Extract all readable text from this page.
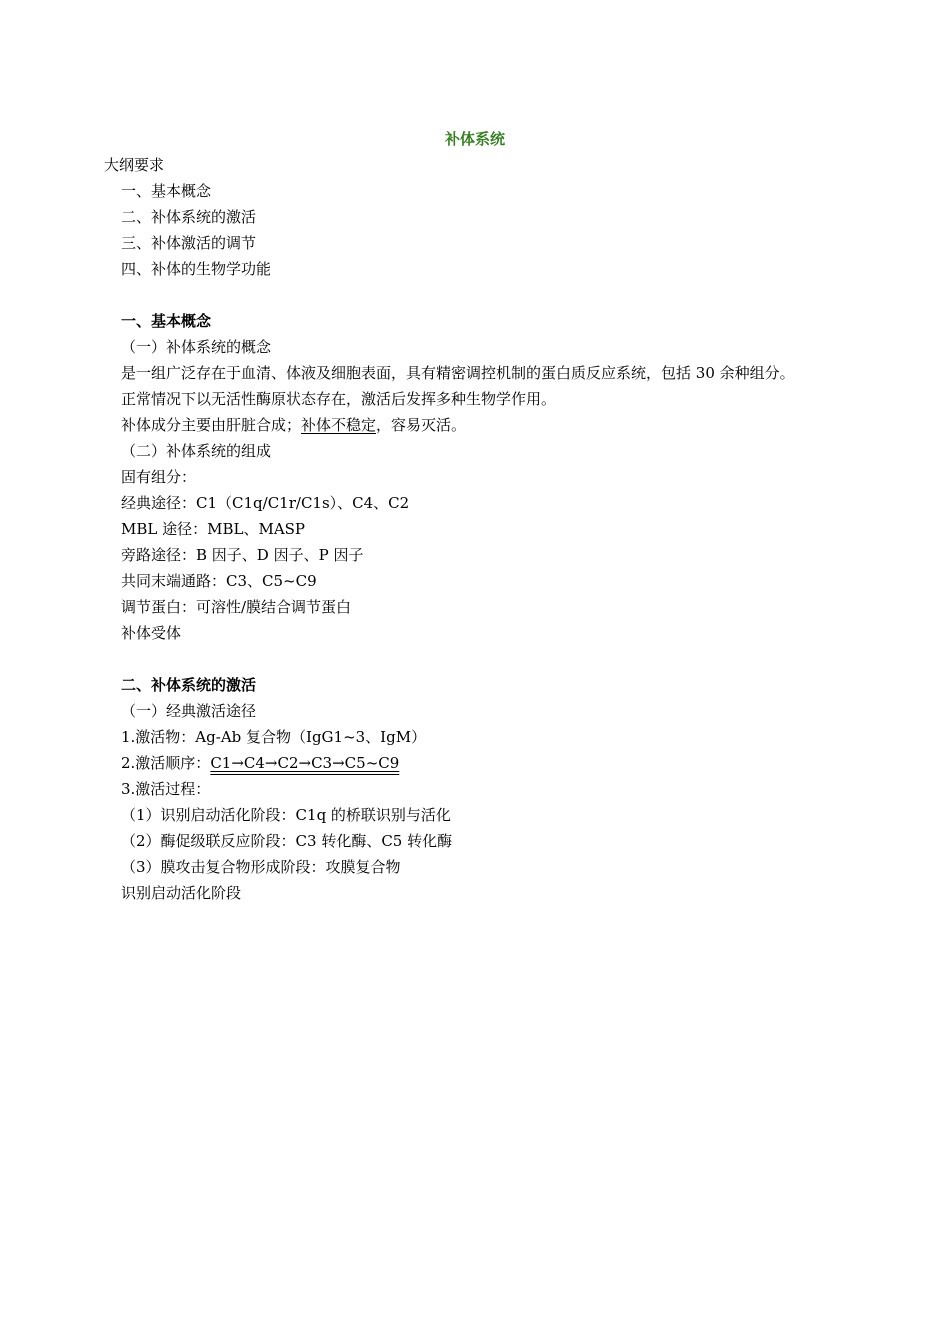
补体系统
大纲要求
一、基本概念
二、补体系统的激活
三、补体激活的调节
四、补体的生物学功能
一、基本概念
（一）补体系统的概念
是一组广泛存在于血清、体液及细胞表面，具有精密调控机制的蛋白质反应系统，包括 30 余种组分。
正常情况下以无活性酶原状态存在，激活后发挥多种生物学作用。
补体成分主要由肝脏合成；补体不稳定，容易灭活。
（二）补体系统的组成
固有组分：
经典途径：C1（C1q/C1r/C1s）、C4、C2
MBL 途径：MBL、MASP
旁路途径：B 因子、D 因子、P 因子
共同末端通路：C3、C5~C9
调节蛋白：可溶性/膜结合调节蛋白
补体受体
二、补体系统的激活
（一）经典激活途径
1.激活物：Ag-Ab 复合物（IgG1~3、IgM）
2.激活顺序：C1→C4→C2→C3→C5~C9
3.激活过程：
（1）识别启动活化阶段：C1q 的桥联识别与活化
（2）酶促级联反应阶段：C3 转化酶、C5 转化酶
（3）膜攻击复合物形成阶段：攻膜复合物
识别启动活化阶段
